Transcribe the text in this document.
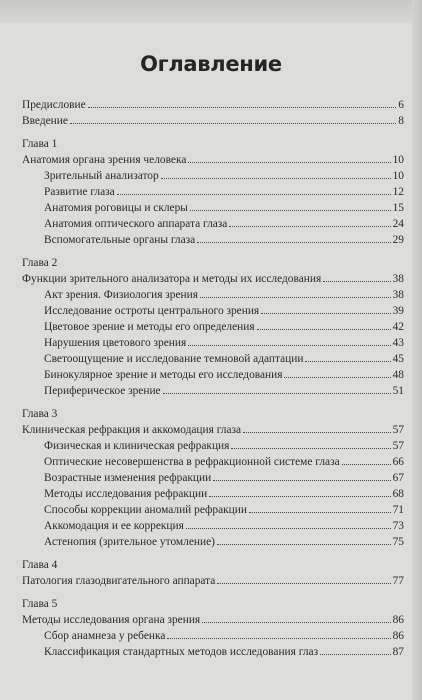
Оглавление
Предисловие	6
Введение	8
Глава 1
Анатомия органа зрения человека	10
Зрительный анализатор	10
Развитие глаза	12
Анатомия роговицы и склеры	15
Анатомия оптического аппарата глаза	24
Вспомогательные органы глаза	29
Глава 2
Функции зрительного анализатора и методы их исследования	38
Акт зрения. Физиология зрения	38
Исследование остроты центрального зрения	39
Цветовое зрение и методы его определения	42
Нарушения цветового зрения	43
Светоощущение и исследование темновой адаптации	45
Бинокулярное зрение и методы его исследования	48
Периферическое зрение	51
Глава 3
Клиническая рефракция и аккомодация глаза	57
Физическая и клиническая рефракция	57
Оптические несовершенства в рефракционной системе глаза	66
Возрастные изменения рефракции	67
Методы исследования рефракции	68
Способы коррекции аномалий рефракции	71
Аккомодация и ее коррекция	73
Астенопия (зрительное утомление)	75
Глава 4
Патология глазодвигательного аппарата	77
Глава 5
Методы исследования органа зрения	86
Сбор анамнеза у ребенка	86
Классификация стандартных методов исследования глаз	87
